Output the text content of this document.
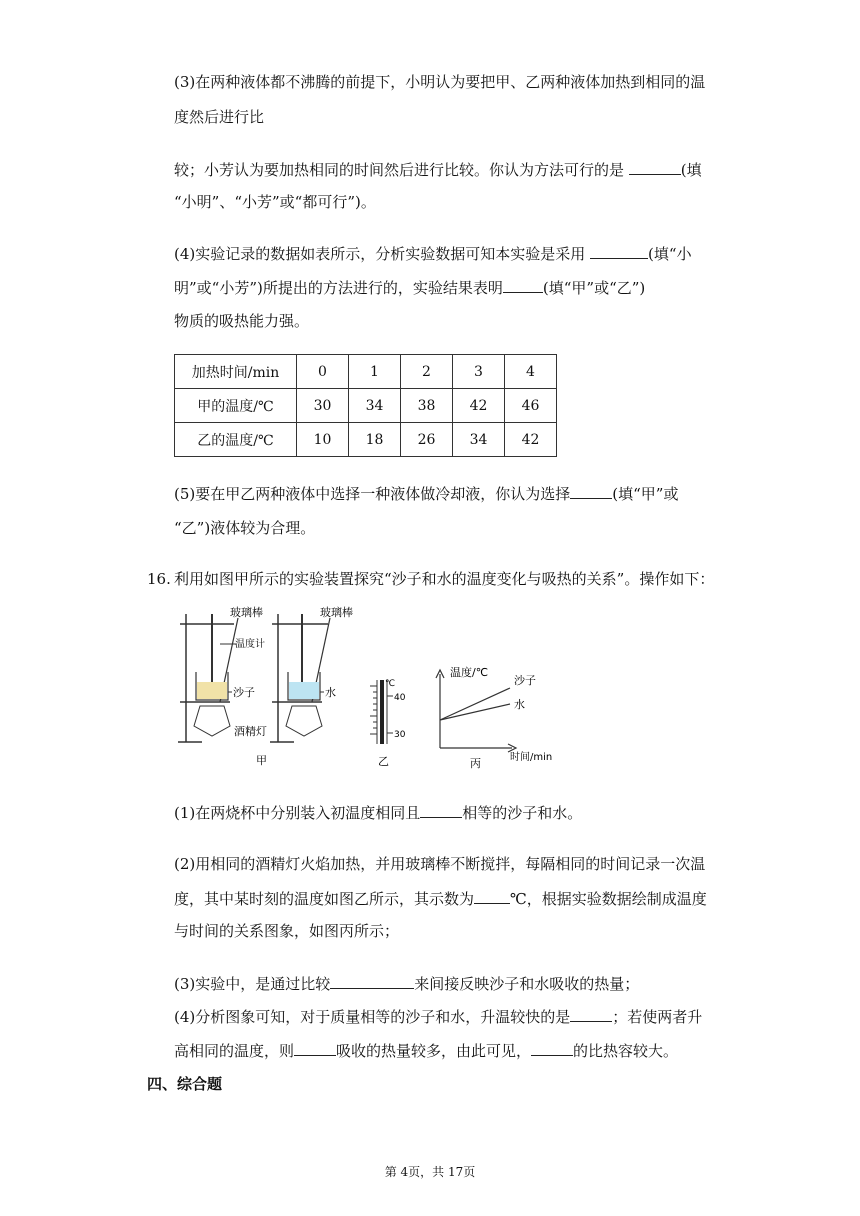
(3)在两种液体都不沸腾的前提下，小明认为要把甲、乙两种液体加热到相同的温
度然后进行比
较；小芳认为要加热相同的时间然后进行比较。你认为方法可行的是	(填
“小明”、“小芳”或“都可行”)。
(4)实验记录的数据如表所示，分析实验数据可知本实验是采用	(填“小
明”或“小芳”)所提出的方法进行的，实验结果表明	(填“甲”或“乙”)
物质的吸热能力强。
加热时间/min	0	1	2	3	4
甲的温度/℃	30	34	38	42	46
乙的温度/℃	10	18	26	34	42
(5)要在甲乙两种液体中选择一种液体做冷却液，你认为选择	(填“甲”或
“乙”)液体较为合理。
16. 利用如图甲所示的实验装置探究“沙子和水的温度变化与吸热的关系”。操作如下：
玻璃棒	玻璃棒
温度计
沙子	水
酒精灯
甲
℃
40
30
乙
温度/℃
沙子
水
时间/min
丙
(1)在两烧杯中分别装入初温度相同且	相等的沙子和水。
(2)用相同的酒精灯火焰加热，并用玻璃棒不断搅拌，每隔相同的时间记录一次温
度，其中某时刻的温度如图乙所示，其示数为 ℃，根据实验数据绘制成温度
与时间的关系图象，如图丙所示；
(3)实验中，是通过比较	来间接反映沙子和水吸收的热量；
(4)分析图象可知，对于质量相等的沙子和水，升温较快的是	；若使两者升
高相同的温度，则	吸收的热量较多，由此可见，	的比热容较大。
四、综合题
第 4页，共 17页
